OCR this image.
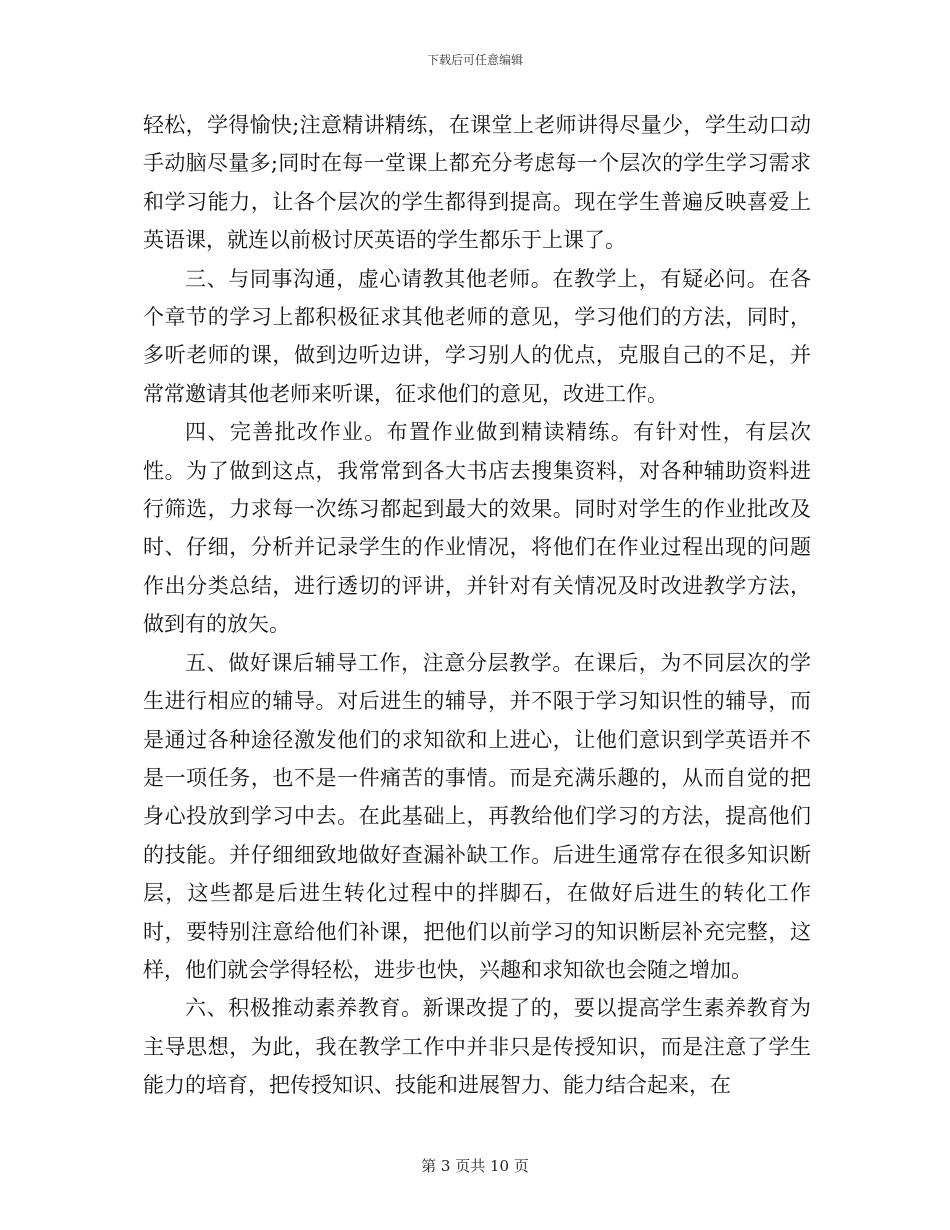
下载后可任意编辑

轻松，学得愉快;注意精讲精练，在课堂上老师讲得尽量少，学生动口动手动脑尽量多;同时在每一堂课上都充分考虑每一个层次的学生学习需求和学习能力，让各个层次的学生都得到提高。现在学生普遍反映喜爱上英语课，就连以前极讨厌英语的学生都乐于上课了。

三、与同事沟通，虚心请教其他老师。在教学上，有疑必问。在各个章节的学习上都积极征求其他老师的意见，学习他们的方法，同时，多听老师的课，做到边听边讲，学习别人的优点，克服自己的不足，并常常邀请其他老师来听课，征求他们的意见，改进工作。

四、完善批改作业。布置作业做到精读精练。有针对性，有层次性。为了做到这点，我常常到各大书店去搜集资料，对各种辅助资料进行筛选，力求每一次练习都起到最大的效果。同时对学生的作业批改及时、仔细，分析并记录学生的作业情况，将他们在作业过程出现的问题作出分类总结，进行透切的评讲，并针对有关情况及时改进教学方法，做到有的放矢。

五、做好课后辅导工作，注意分层教学。在课后，为不同层次的学生进行相应的辅导。对后进生的辅导，并不限于学习知识性的辅导，而是通过各种途径激发他们的求知欲和上进心，让他们意识到学英语并不是一项任务，也不是一件痛苦的事情。而是充满乐趣的，从而自觉的把身心投放到学习中去。在此基础上，再教给他们学习的方法，提高他们的技能。并仔细细致地做好查漏补缺工作。后进生通常存在很多知识断层，这些都是后进生转化过程中的拌脚石，在做好后进生的转化工作时，要特别注意给他们补课，把他们以前学习的知识断层补充完整，这样，他们就会学得轻松，进步也快，兴趣和求知欲也会随之增加。

六、积极推动素养教育。新课改提了的，要以提高学生素养教育为主导思想，为此，我在教学工作中并非只是传授知识，而是注意了学生能力的培育，把传授知识、技能和进展智力、能力结合起来，在

第 3 页共 10 页
